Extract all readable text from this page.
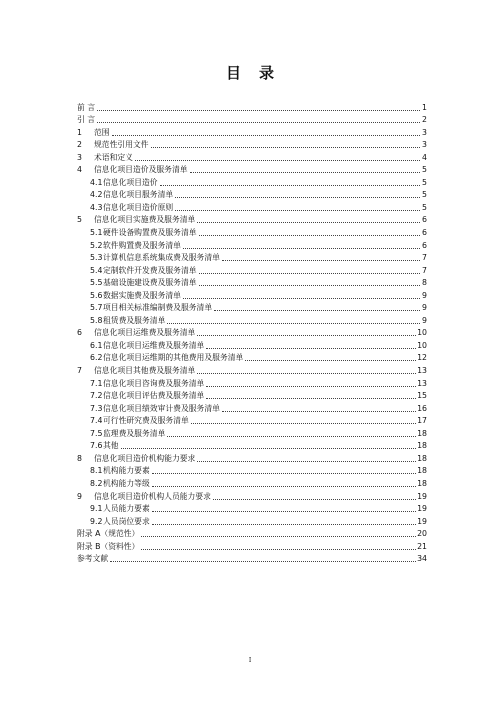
目录
前 言	1
引 言	2
1 范围	3
2 规范性引用文件	3
3 术语和定义	4
4 信息化项目造价及服务清单	5
4.1信息化项目造价	5
4.2信息化项目服务清单	5
4.3信息化项目造价原则	5
5 信息化项目实施费及服务清单	6
5.1硬件设备购置费及服务清单	6
5.2软件购置费及服务清单	6
5.3计算机信息系统集成费及服务清单	7
5.4定制软件开发费及服务清单	7
5.5基础设施建设费及服务清单	8
5.6数据实施费及服务清单	9
5.7项目相关标准编制费及服务清单	9
5.8租赁费及服务清单	9
6 信息化项目运维费及服务清单	10
6.1信息化项目运维费及服务清单	10
6.2信息化项目运维期的其他费用及服务清单	12
7 信息化项目其他费及服务清单	13
7.1信息化项目咨询费及服务清单	13
7.2信息化项目评估费及服务清单	15
7.3信息化项目绩效审计费及服务清单	16
7.4可行性研究费及服务清单	17
7.5监理费及服务清单	18
7.6其他	18
8 信息化项目造价机构能力要求	18
8.1机构能力要素	18
8.2机构能力等级	18
9 信息化项目造价机构人员能力要求	19
9.1人员能力要素	19
9.2人员岗位要求	19
附录 A（规范性）	20
附录 B（资料性）	21
参考文献	34
I
